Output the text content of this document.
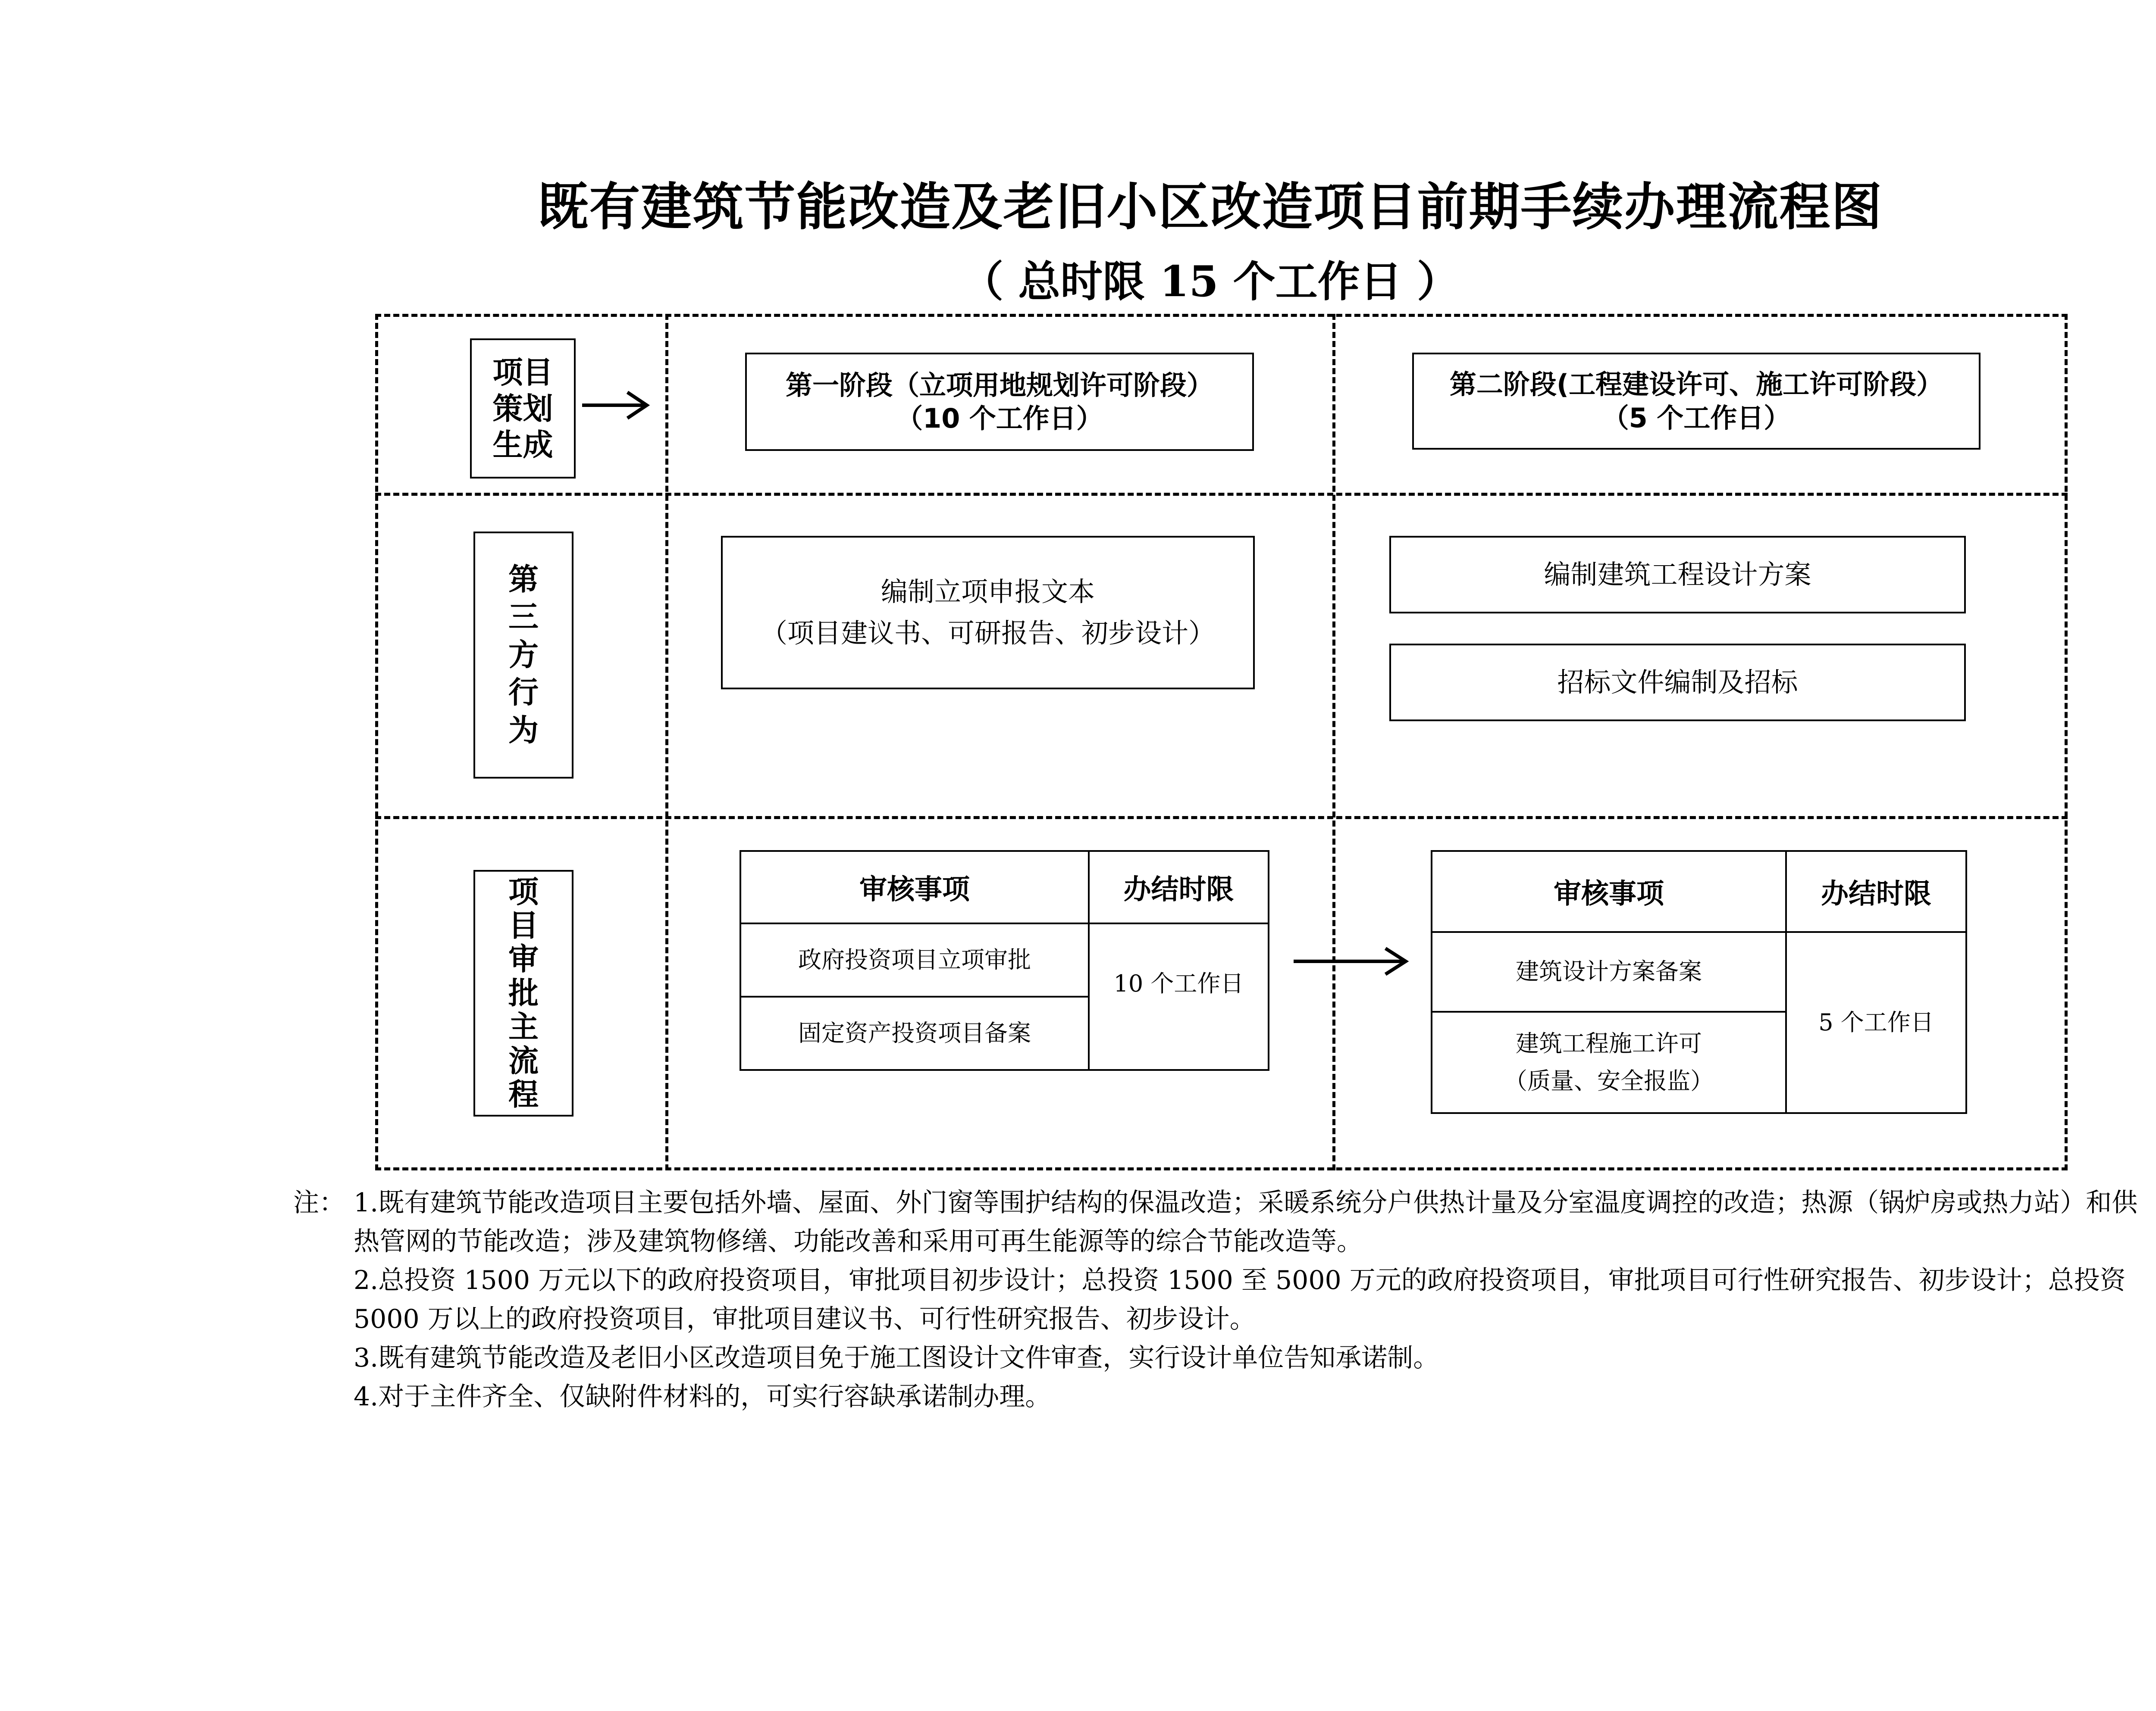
既有建筑节能改造及老旧小区改造项目前期手续办理流程图
（ 总时限 15 个工作日 ）
项目策划生成
第三方行为
项目审批主流程
第一阶段（立项用地规划许可阶段）
（10 个工作日）
第二阶段(工程建设许可、施工许可阶段）
（5 个工作日）
编制立项申报文本
（项目建议书、可研报告、初步设计）
编制建筑工程设计方案
招标文件编制及招标
审核事项	办结时限
政府投资项目立项审批	10 个工作日
固定资产投资项目备案	
审核事项	办结时限
建筑设计方案备案	5 个工作日

建筑工程施工许可
（质量、安全报监）	
注： 1.既有建筑节能改造项目主要包括外墙、屋面、外门窗等围护结构的保温改造；采暖系统分户供热计量及分室温度调控的改造；热源（锅炉房或热力站）和供热管网的节能改造；涉及建筑物修缮、功能改善和采用可再生能源等的综合节能改造等。
2.总投资 1500 万元以下的政府投资项目，审批项目初步设计；总投资 1500 至 5000 万元的政府投资项目，审批项目可行性研究报告、初步设计；总投资 5000 万以上的政府投资项目，审批项目建议书、可行性研究报告、初步设计。
3.既有建筑节能改造及老旧小区改造项目免于施工图设计文件审查，实行设计单位告知承诺制。
4.对于主件齐全、仅缺附件材料的，可实行容缺承诺制办理。
